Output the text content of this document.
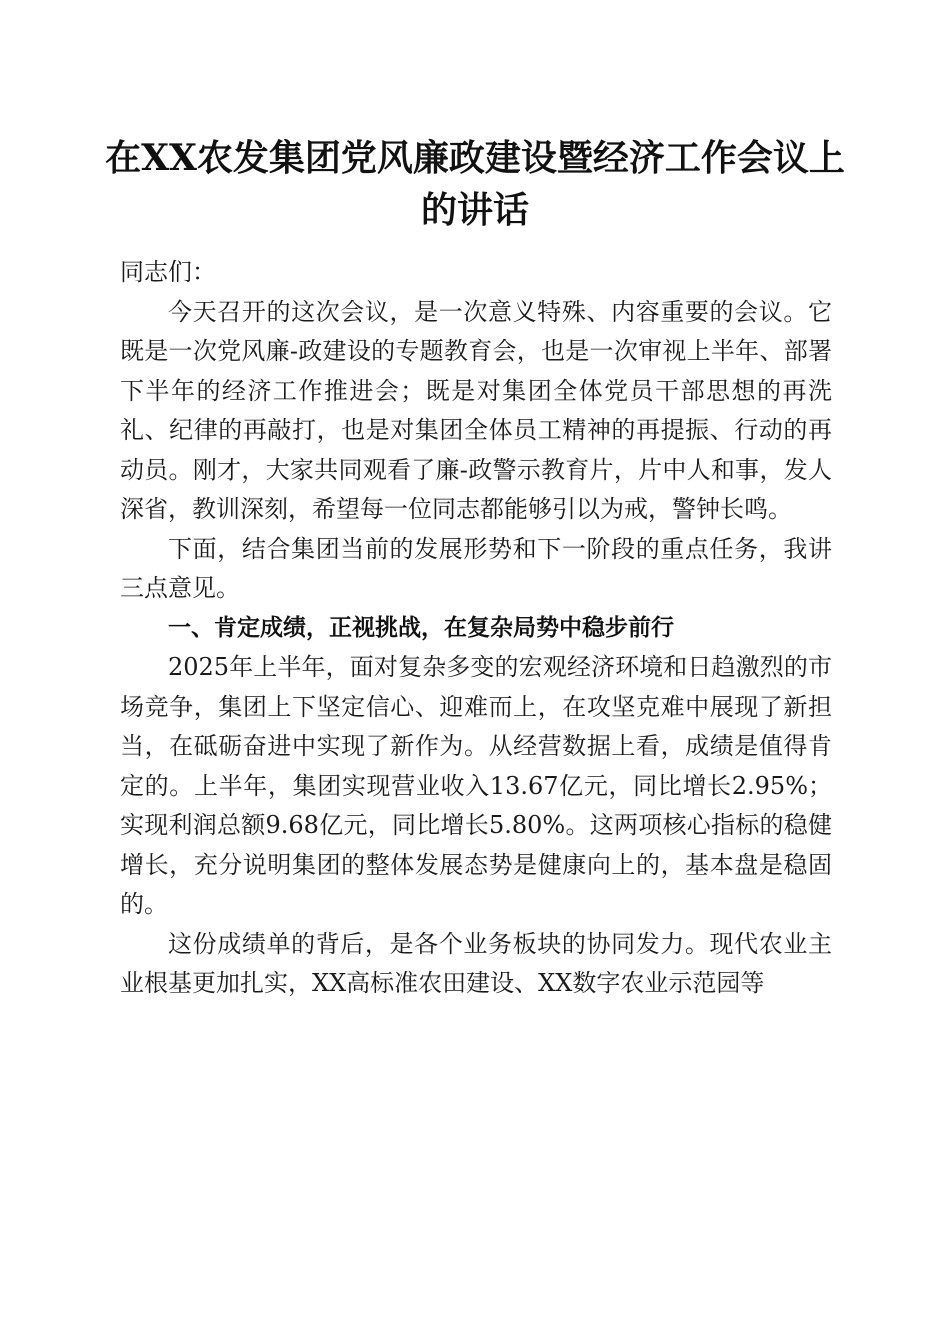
在XX农发集团党风廉政建设暨经济工作会议上的讲话

同志们：

今天召开的这次会议，是一次意义特殊、内容重要的会议。它既是一次党风廉-政建设的专题教育会，也是一次审视上半年、部署下半年的经济工作推进会；既是对集团全体党员干部思想的再洗礼、纪律的再敲打，也是对集团全体员工精神的再提振、行动的再动员。刚才，大家共同观看了廉-政警示教育片，片中人和事，发人深省，教训深刻，希望每一位同志都能够引以为戒，警钟长鸣。

下面，结合集团当前的发展形势和下一阶段的重点任务，我讲三点意见。

一、肯定成绩，正视挑战，在复杂局势中稳步前行

2025年上半年，面对复杂多变的宏观经济环境和日趋激烈的市场竞争，集团上下坚定信心、迎难而上，在攻坚克难中展现了新担当，在砥砺奋进中实现了新作为。从经营数据上看，成绩是值得肯定的。上半年，集团实现营业收入13.67亿元，同比增长2.95%；实现利润总额9.68亿元，同比增长5.80%。这两项核心指标的稳健增长，充分说明集团的整体发展态势是健康向上的，基本盘是稳固的。

这份成绩单的背后，是各个业务板块的协同发力。现代农业主业根基更加扎实，XX高标准农田建设、XX数字农业示范园等
